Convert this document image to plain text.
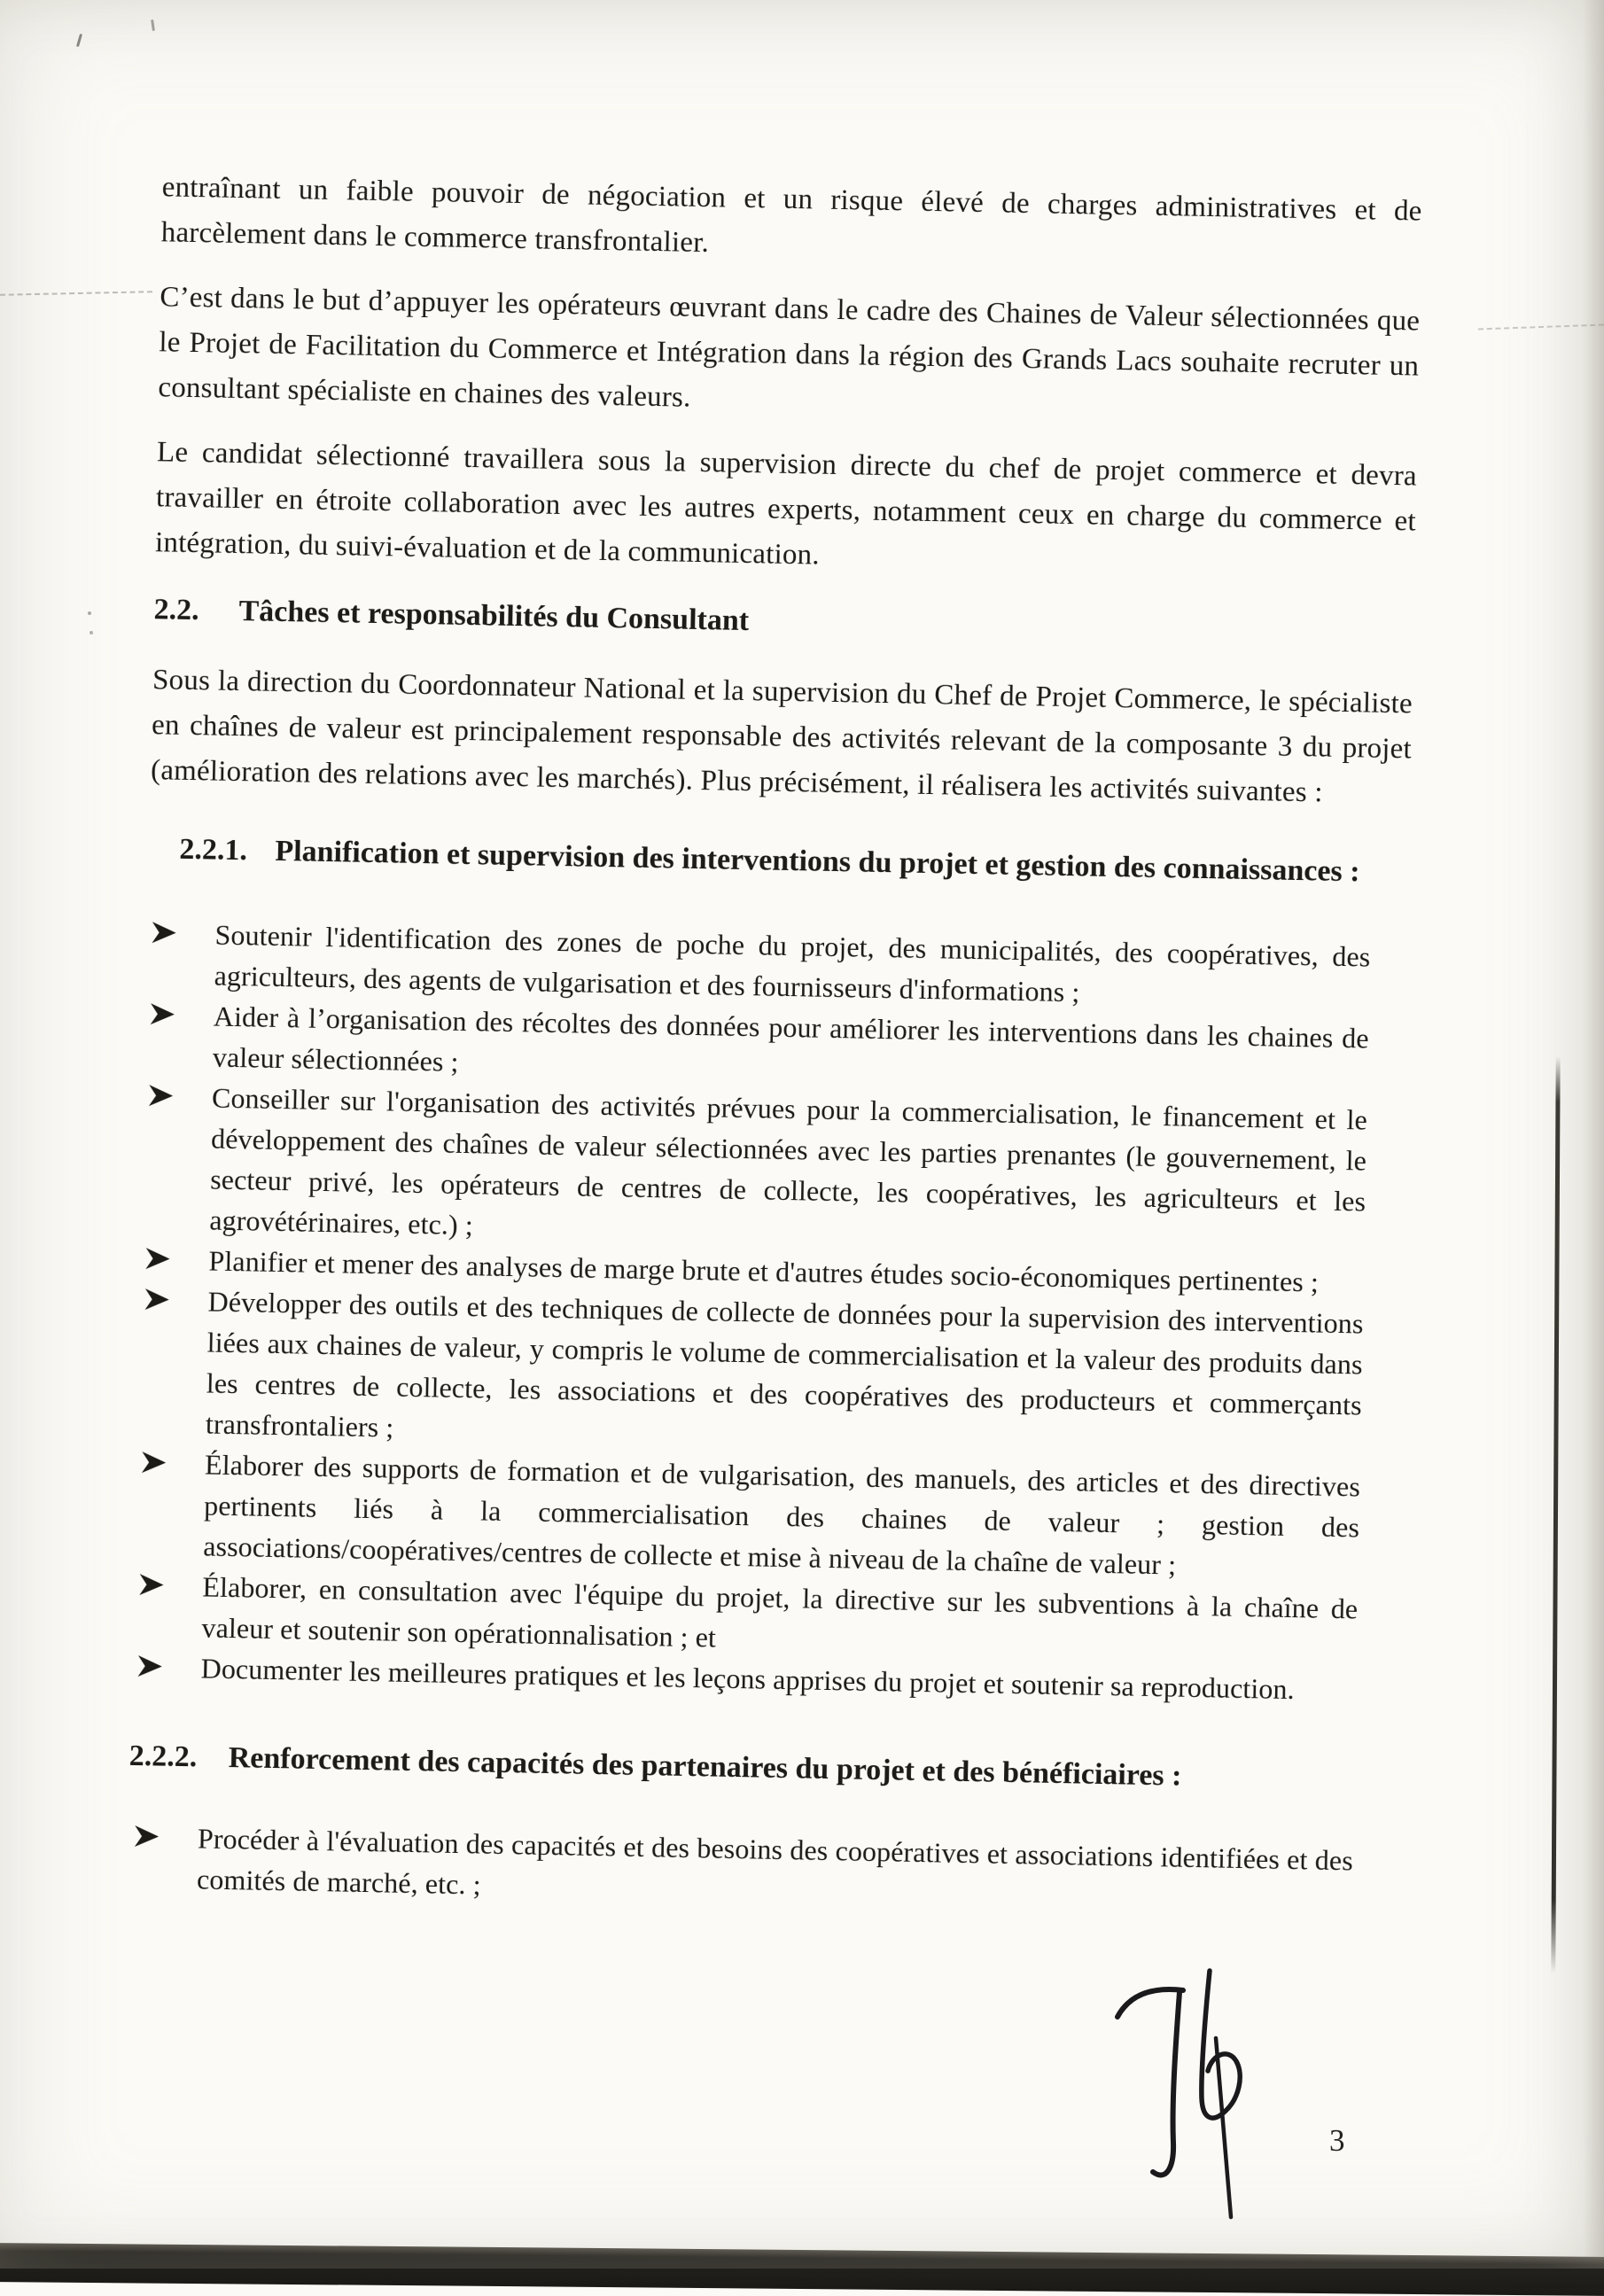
entraînant un faible pouvoir de négociation et un risque élevé de charges administratives et de harcèlement dans le commerce transfrontalier.

C’est dans le but d’appuyer les opérateurs œuvrant dans le cadre des Chaines de Valeur sélectionnées que le Projet de Facilitation du Commerce et Intégration dans la région des Grands Lacs souhaite recruter un consultant spécialiste en chaines des valeurs.

Le candidat sélectionné travaillera sous la supervision directe du chef de projet commerce et devra travailler en étroite collaboration avec les autres experts, notamment ceux en charge du commerce et intégration, du suivi-évaluation et de la communication.

2.2.	Tâches et responsabilités du Consultant

Sous la direction du Coordonnateur National et la supervision du Chef de Projet Commerce, le spécialiste en chaînes de valeur est principalement responsable des activités relevant de la composante 3 du projet (amélioration des relations avec les marchés). Plus précisément, il réalisera les activités suivantes :

2.2.1. Planification et supervision des interventions du projet et gestion des connaissances :
Soutenir l'identification des zones de poche du projet, des municipalités, des coopératives, des agriculteurs, des agents de vulgarisation et des fournisseurs d'informations ;
Aider à l’organisation des récoltes des données pour améliorer les interventions dans les chaines de valeur sélectionnées ;
Conseiller sur l'organisation des activités prévues pour la commercialisation, le financement et le développement des chaînes de valeur sélectionnées avec les parties prenantes (le gouvernement, le secteur privé, les opérateurs de centres de collecte, les coopératives, les agriculteurs et les agrovétérinaires, etc.) ;
Planifier et mener des analyses de marge brute et d'autres études socio-économiques pertinentes ;
Développer des outils et des techniques de collecte de données pour la supervision des interventions liées aux chaines de valeur, y compris le volume de commercialisation et la valeur des produits dans les centres de collecte, les associations et des coopératives des producteurs et commerçants transfrontaliers ;
Élaborer des supports de formation et de vulgarisation, des manuels, des articles et des directives pertinents liés à la commercialisation des chaines de valeur ; gestion des associations/coopératives/centres de collecte et mise à niveau de la chaîne de valeur ;
Élaborer, en consultation avec l'équipe du projet, la directive sur les subventions à la chaîne de valeur et soutenir son opérationnalisation ; et
Documenter les meilleures pratiques et les leçons apprises du projet et soutenir sa reproduction.
2.2.2.	Renforcement des capacités des partenaires du projet et des bénéficiaires :
Procéder à l'évaluation des capacités et des besoins des coopératives et associations identifiées et des comités de marché, etc. ;
3
